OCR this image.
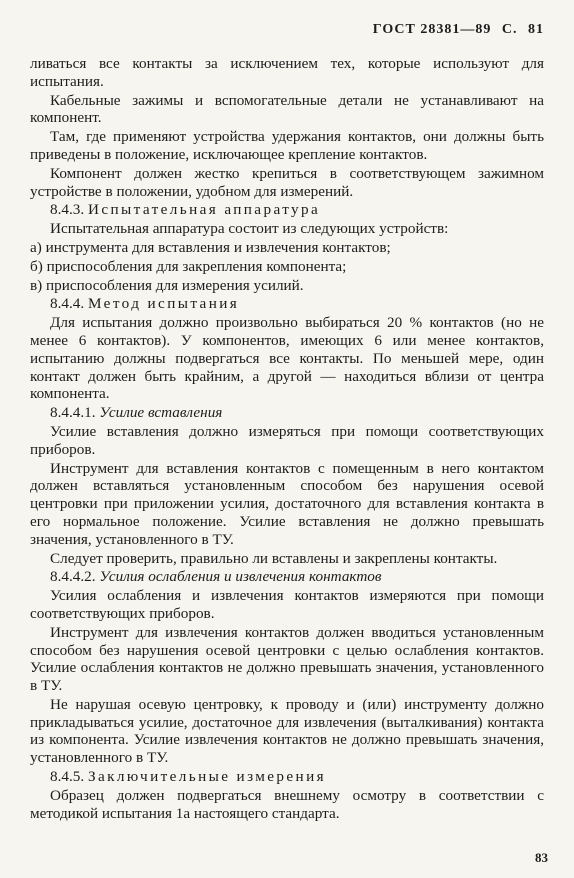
ГОСТ 28381—89 С. 81

ливаться все контакты за исключением тех, которые используют для испытания.

Кабельные зажимы и вспомогательные детали не устанавливают на компонент.

Там, где применяют устройства удержания контактов, они должны быть приведены в положение, исключающее крепление контактов.

Компонент должен жестко крепиться в соответствующем зажимном устройстве в положении, удобном для измерений.

8.4.3. Испытательная аппаратура

Испытательная аппаратура состоит из следующих устройств:

а) инструмента для вставления и извлечения контактов;

б) приспособления для закрепления компонента;

в) приспособления для измерения усилий.

8.4.4. Метод испытания

Для испытания должно произвольно выбираться 20 % контактов (но не менее 6 контактов). У компонентов, имеющих 6 или менее контактов, испытанию должны подвергаться все контакты. По меньшей мере, один контакт должен быть крайним, а другой — находиться вблизи от центра компонента.

8.4.4.1. Усилие вставления

Усилие вставления должно измеряться при помощи соответствующих приборов.

Инструмент для вставления контактов с помещенным в него контактом должен вставляться установленным способом без нарушения осевой центровки при приложении усилия, достаточного для вставления контакта в его нормальное положение. Усилие вставления не должно превышать значения, установленного в ТУ.

Следует проверить, правильно ли вставлены и закреплены контакты.

8.4.4.2. Усилия ослабления и извлечения контактов

Усилия ослабления и извлечения контактов измеряются при помощи соответствующих приборов.

Инструмент для извлечения контактов должен вводиться установленным способом без нарушения осевой центровки с целью ослабления контактов. Усилие ослабления контактов не должно превышать значения, установленного в ТУ.

Не нарушая осевую центровку, к проводу и (или) инструменту должно прикладываться усилие, достаточное для извлечения (выталкивания) контакта из компонента. Усилие извлечения контактов не должно превышать значения, установленного в ТУ.

8.4.5. Заключительные измерения

Образец должен подвергаться внешнему осмотру в соответствии с методикой испытания 1а настоящего стандарта.

83
